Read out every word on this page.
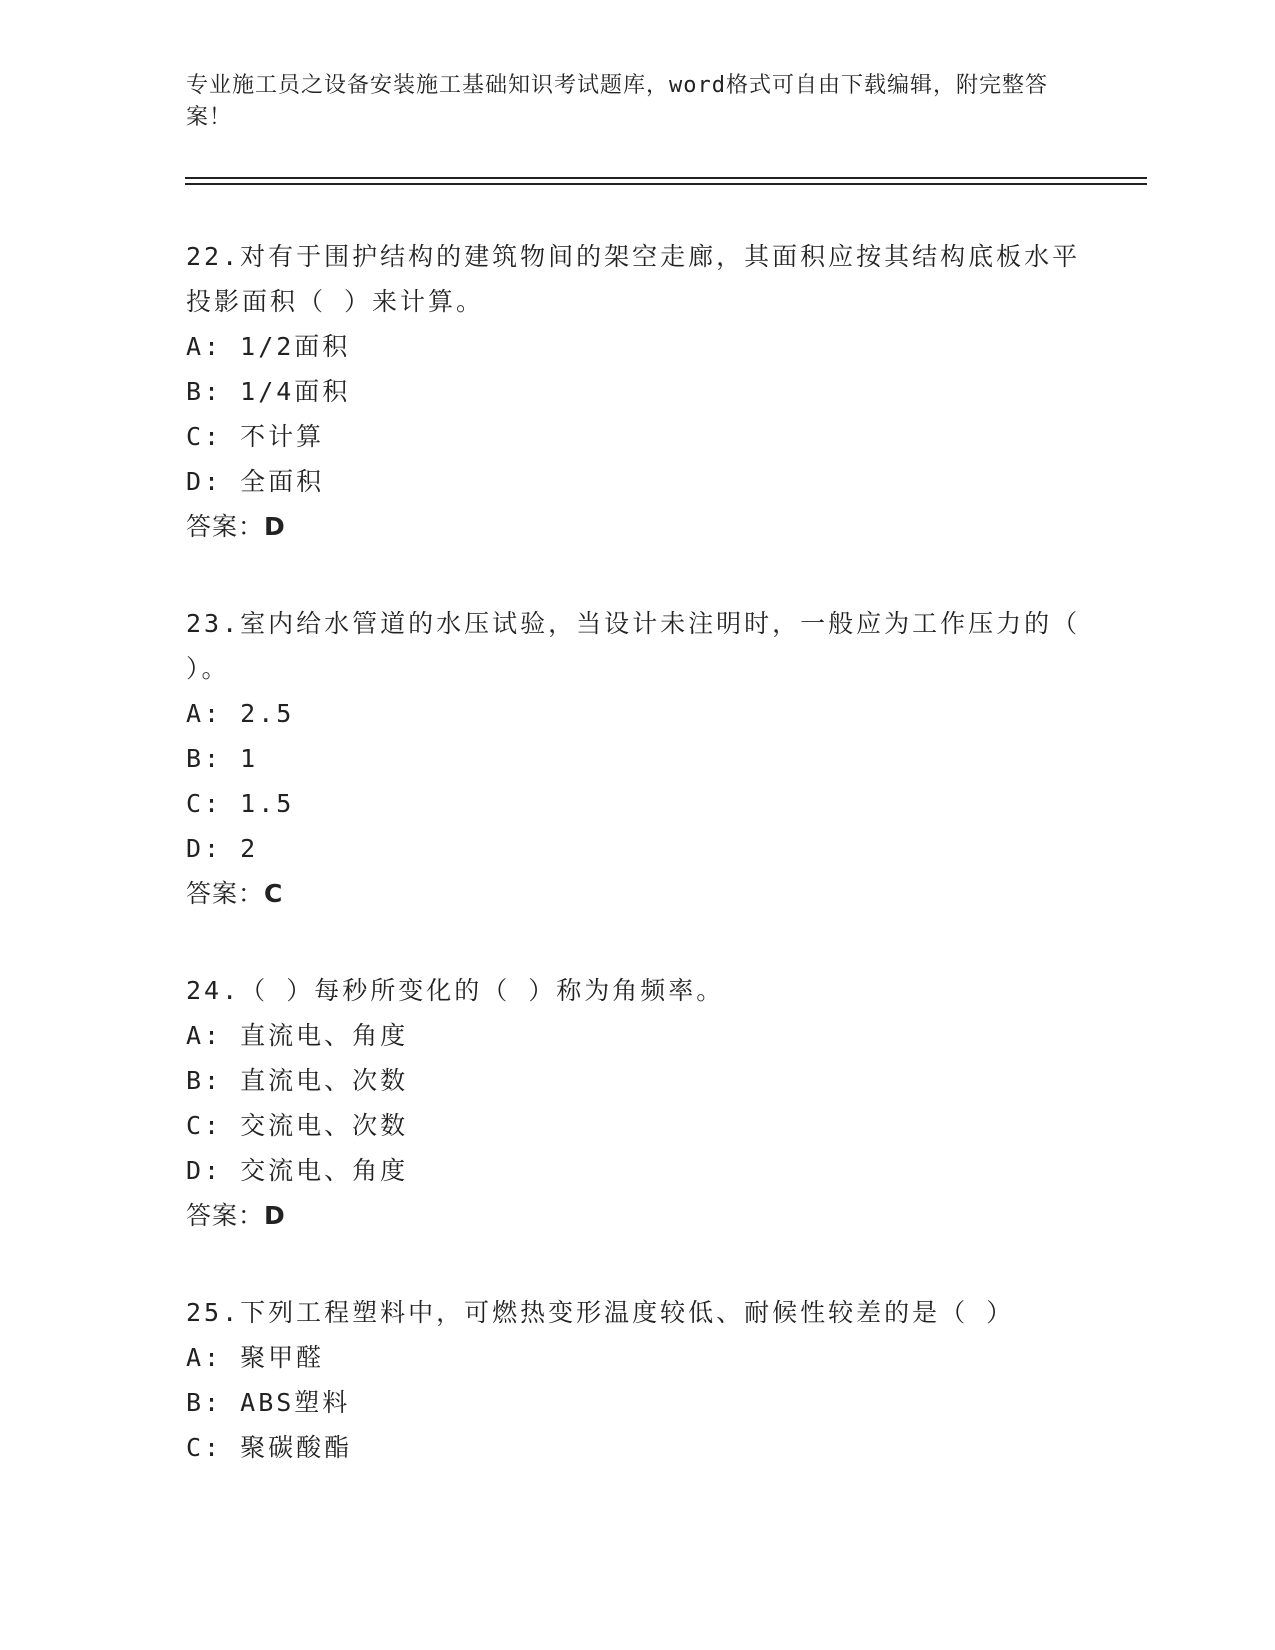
专业施工员之设备安装施工基础知识考试题库，word格式可自由下载编辑，附完整答案！
22.对有于围护结构的建筑物间的架空走廊，其面积应按其结构底板水平投影面积（ ）来计算。
A: 1/2面积
B: 1/4面积
C: 不计算
D: 全面积
答案：D
23.室内给水管道的水压试验，当设计未注明时，一般应为工作压力的（ ）。
A: 2.5
B: 1
C: 1.5
D: 2
答案：C
24.（ ）每秒所变化的（ ）称为角频率。
A: 直流电、角度
B: 直流电、次数
C: 交流电、次数
D: 交流电、角度
答案：D
25.下列工程塑料中，可燃热变形温度较低、耐候性较差的是（ ）
A: 聚甲醛
B: ABS塑料
C: 聚碳酸酯
